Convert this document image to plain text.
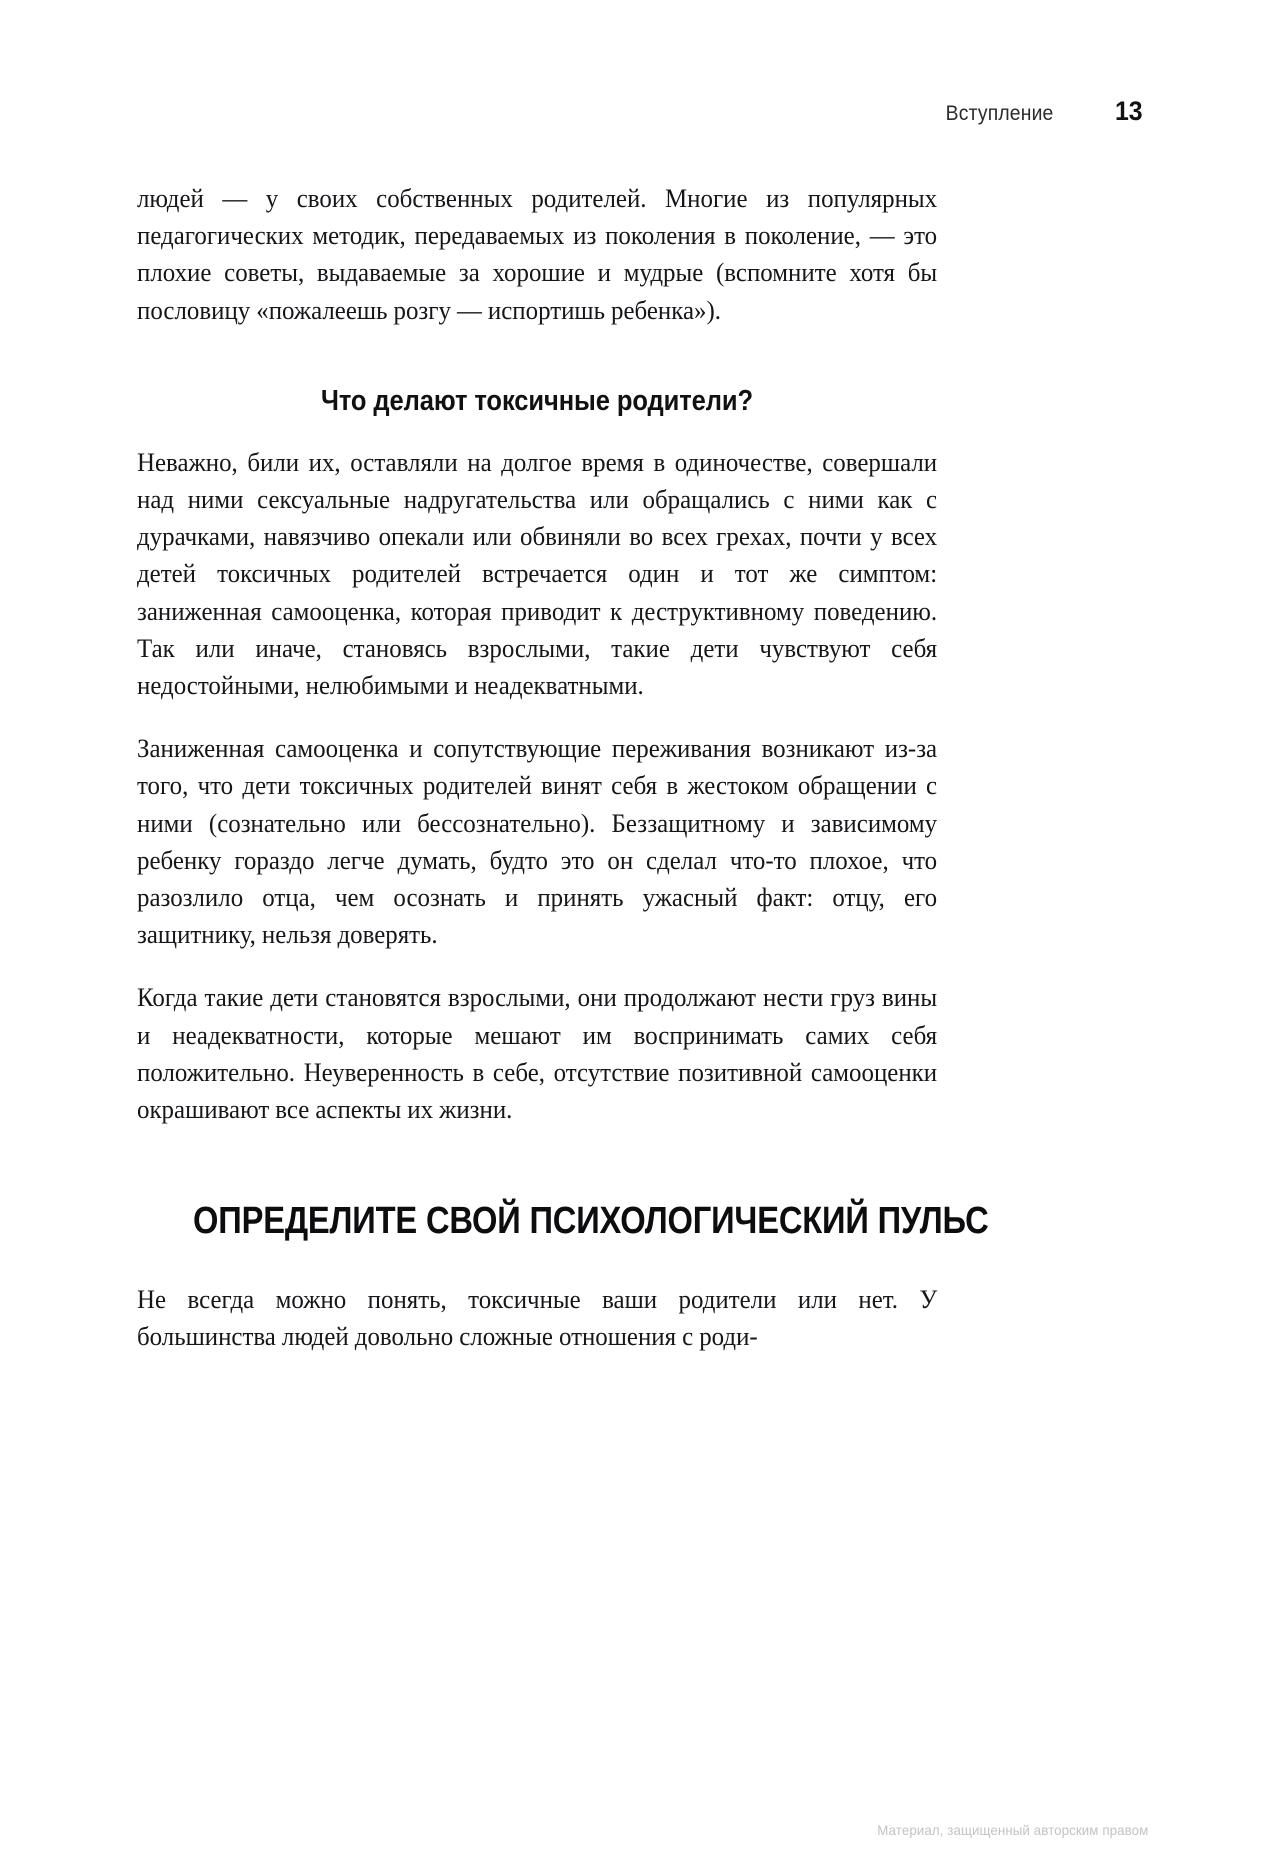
Вступление 13

людей — у своих собственных родителей. Многие из популярных педагогических методик, передаваемых из поколения в поколение, — это плохие советы, выдаваемые за хорошие и мудрые (вспомните хотя бы пословицу «пожалеешь розгу — испортишь ребенка»).

Что делают токсичные родители?

Неважно, били их, оставляли на долгое время в одиночестве, совершали над ними сексуальные надругательства или обращались с ними как с дурачками, навязчиво опекали или обвиняли во всех грехах, почти у всех детей токсичных родителей встречается один и тот же симптом: заниженная самооценка, которая приводит к деструктивному поведению. Так или иначе, становясь взрослыми, такие дети чувствуют себя недостойными, нелюбимыми и неадекватными.

Заниженная самооценка и сопутствующие переживания возникают из-за того, что дети токсичных родителей винят себя в жестоком обращении с ними (сознательно или бессознательно). Беззащитному и зависимому ребенку гораздо легче думать, будто это он сделал что-то плохое, что разозлило отца, чем осознать и принять ужасный факт: отцу, его защитнику, нельзя доверять.

Когда такие дети становятся взрослыми, они продолжают нести груз вины и неадекватности, которые мешают им воспринимать самих себя положительно. Неуверенность в себе, отсутствие позитивной самооценки окрашивают все аспекты их жизни.

ОПРЕДЕЛИТЕ СВОЙ ПСИХОЛОГИЧЕСКИЙ ПУЛЬС

Не всегда можно понять, токсичные ваши родители или нет. У большинства людей довольно сложные отношения с роди-

Материал, защищенный авторским правом
